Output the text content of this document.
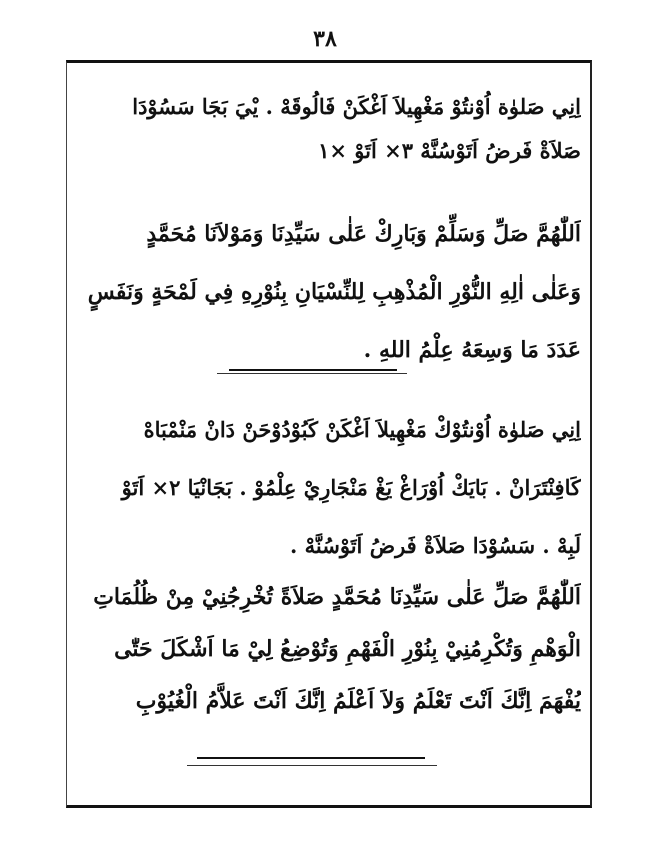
٣٨
اِنِي صَلوٰة اُوْنتُوْ مَغْهِيلاَ اَغْكَنْ فَالُوقَهْ . يْيَ بَجَا سَسُوْدَا
صَلاَةْ فَرضُ اَتَوْسُنَّهْ ٣× اَتَوْ ×١
اَللّٰهُمَّ صَلِّ وَسَلِّمْ وَبَارِكْ عَلٰى سَيِّدِنَا وَمَوْلاَنَا مُحَمَّدٍ
وَعَلٰى اٰلِهِ النُّوْرِ الْمُذْهِبِ لِلنِّسْيَانِ بِنُوْرِهِ فِي لَمْحَةٍ وَنَفَسٍ
عَدَدَ مَا وَسِعَهُ عِلْمُ اللهِ .
اِنِي صَلوٰة اُوْنتُوْكْ مَغْهِيلاَ اَغْكَنْ كَبُوْدُوْحَنْ دَانْ مَنْمْبَاهْ
كَافِنْتَرَانْ . بَايَكْ اُوْرَاغْ يَغْ مَنْجَارِيْ عِلْمُوْ . بَجَانْيَا ٢× اَتَوْ
لَبِهْ . سَسُوْدَا صَلاَةْ فَرضُ اَتَوْسُنَّهْ .
اَللّٰهُمَّ صَلِّ عَلٰى سَيِّدِنَا مُحَمَّدٍ صَلاَةً تُخْرِجُنِيْ مِنْ ظُلُمَاتِ
الْوَهْمِ وَتُكْرِمُنِيْ بِنُوْرِ الْفَهْمِ وَتُوْضِعُ لِيْ مَا اَشْكَلَ حَتّٰى
يُفْهَمَ اِنَّكَ اَنْتَ تَعْلَمُ وَلاَ اَعْلَمُ اِنَّكَ اَنْتَ عَلاَّمُ الْغُيُوْبِ
